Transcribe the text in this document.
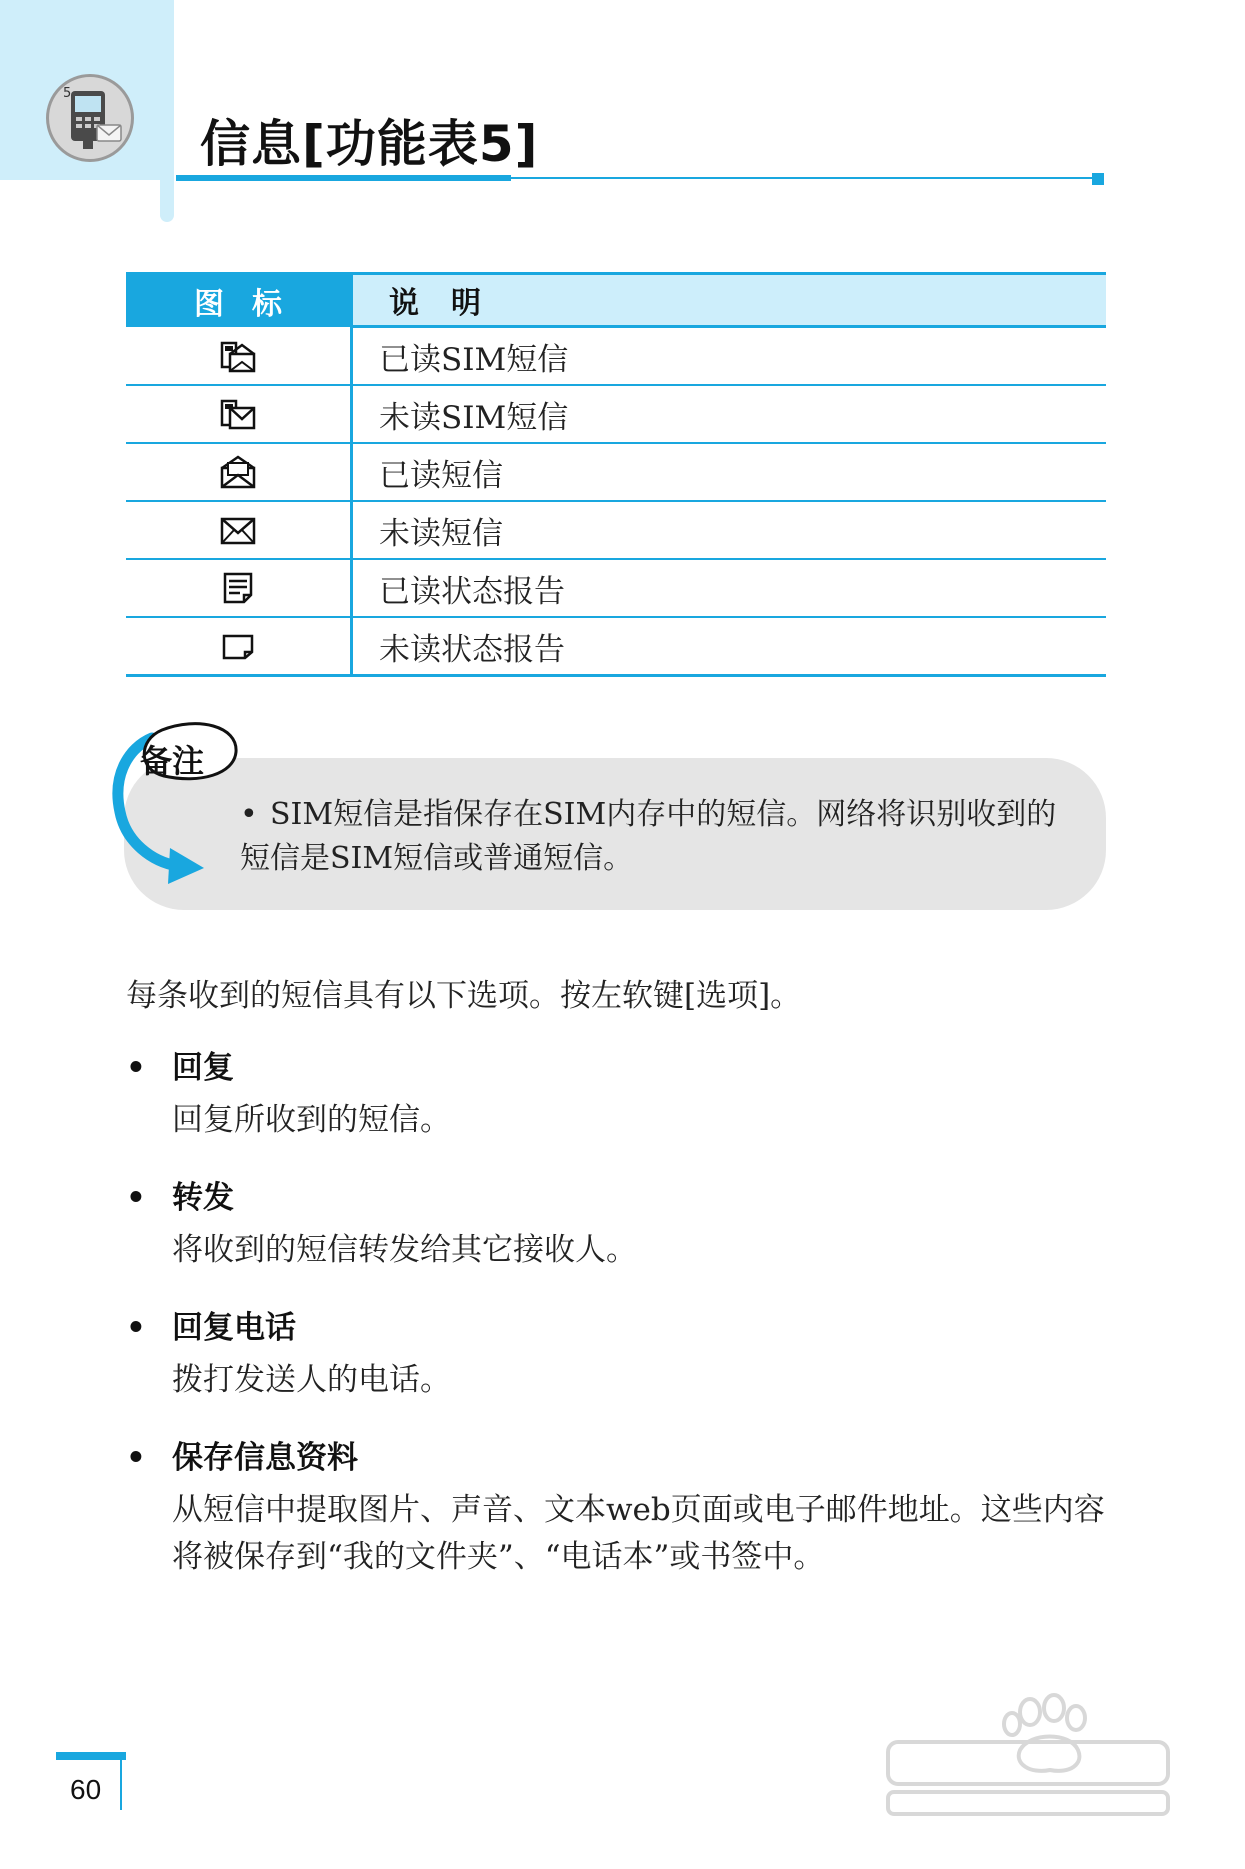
5
信息[功能表5]
图标	说明
	已读SIM短信
	未读SIM短信
	已读短信
	未读短信
	已读状态报告
	未读状态报告
备注

• SIM短信是指保存在SIM内存中的短信。网络将识别收到的短信是SIM短信或普通短信。

每条收到的短信具有以下选项。按左软键[选项]。

• 回复

回复所收到的短信。

• 转发

将收到的短信转发给其它接收人。

• 回复电话

拨打发送人的电话。

• 保存信息资料

从短信中提取图片、声音、文本web页面或电子邮件地址。这些内容将被保存到“我的文件夹”、“电话本”或书签中。

60
